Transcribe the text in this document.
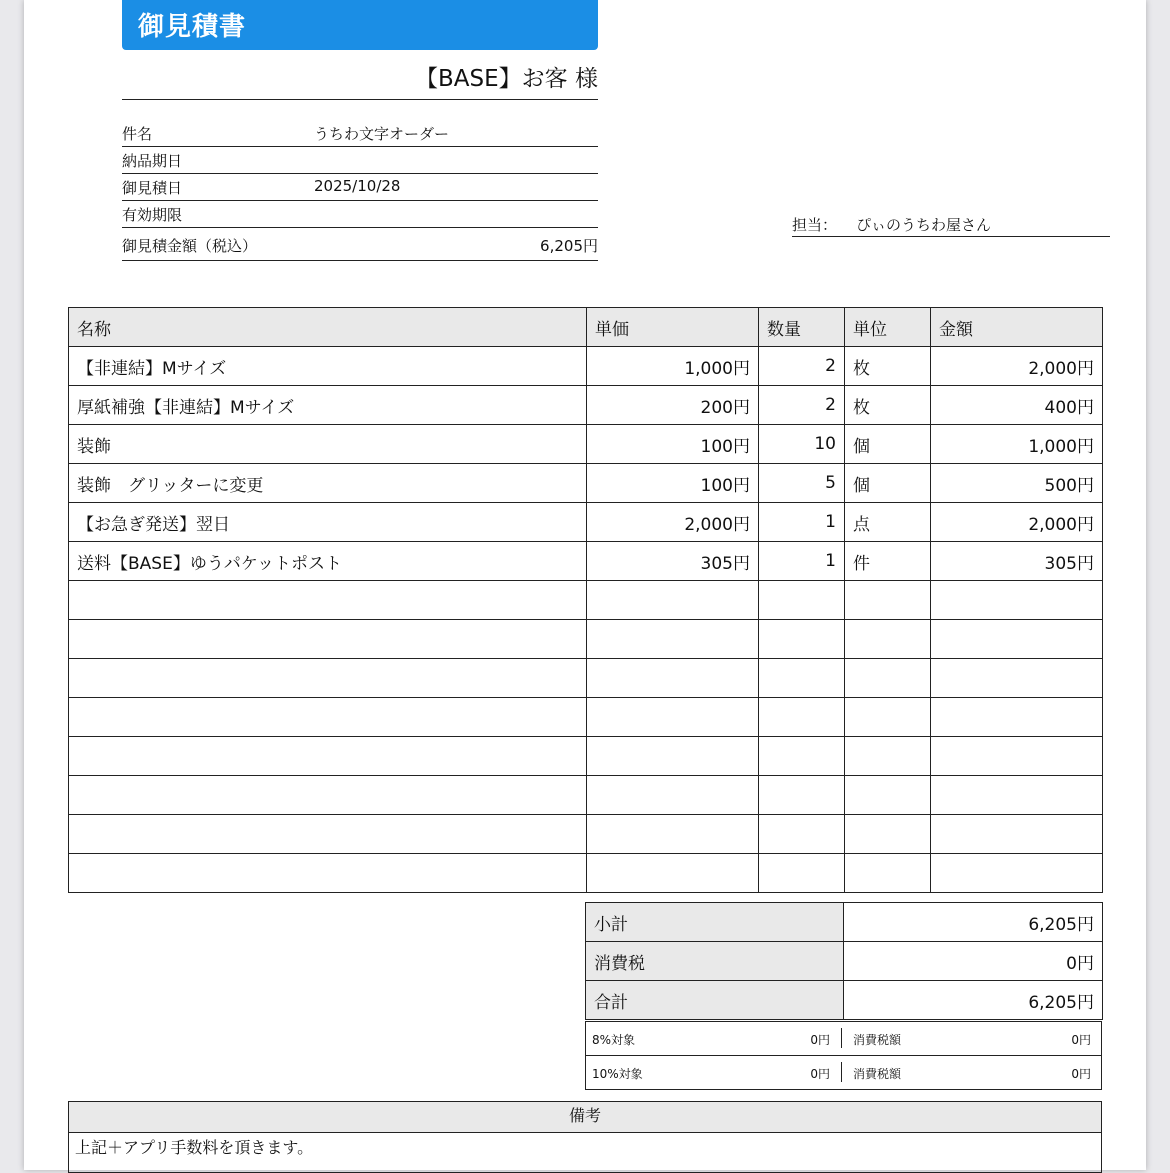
御見積書
【BASE】お客 様
件名	うちわ文字オーダー
納品期日
御見積日	2025/10/28
有効期限
御見積金額（税込）	6,205円
担当： ぴぃのうちわ屋さん
名称	単価	数量	単位	金額
【非連結】Mサイズ	1,000円	2	枚	2,000円
厚紙補強【非連結】Mサイズ	200円	2	枚	400円
装飾	100円	10	個	1,000円
装飾　グリッターに変更	100円	5	個	500円
【お急ぎ発送】翌日	2,000円	1	点	2,000円
送料【BASE】ゆうパケットポスト	305円	1	件	305円

小計	6,205円
消費税	0円
合計	6,205円
8%対象	0円 消費税額	0円
10%対象	0円 消費税額	0円
備考
上記＋アプリ手数料を頂きます。
